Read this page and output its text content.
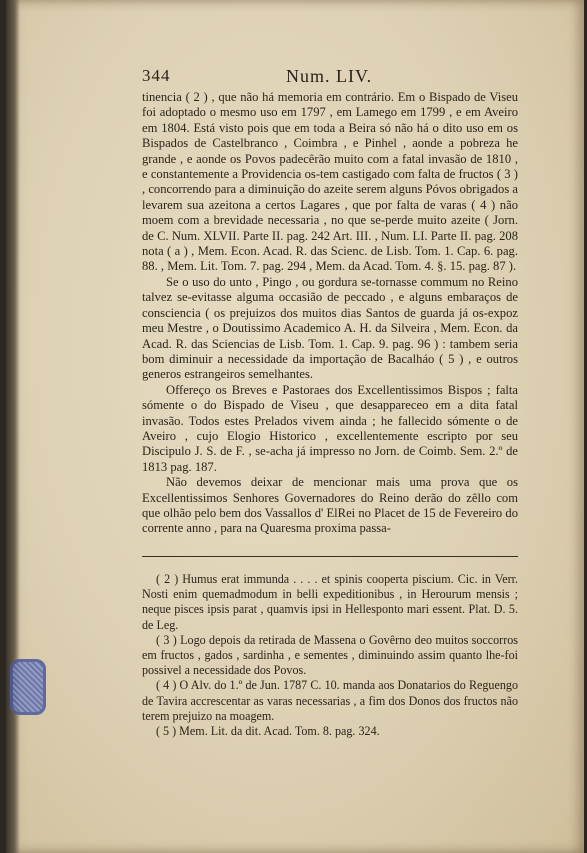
344	Num. LIV.

tinencia ( 2 ) , que não há memoria em contrário. Em o Bispado de Viseu foi adoptado o mesmo uso em 1797 , em Lamego em 1799 , e em Aveiro em 1804. Está visto pois que em toda a Beira só não há o dito uso em os Bispados de Castelbranco , Coimbra , e Pinhel , aonde a pobreza he grande , e aonde os Povos padecêrão muito com a fatal invasão de 1810 , e constantemente a Providencia os-tem castigado com falta de fructos ( 3 ) , concorrendo para a diminuição do azeite serem alguns Póvos obrigados a levarem sua azeitona a certos Lagares , que por falta de varas ( 4 ) não moem com a brevidade necessaria , no que se-perde muito azeite ( Jorn. de C. Num. XLVII. Parte II. pag. 242 Art. III. , Num. LI. Parte II. pag. 208 nota ( a ) , Mem. Econ. Acad. R. das Scienc. de Lisb. Tom. 1. Cap. 6. pag. 88. , Mem. Lit. Tom. 7. pag. 294 , Mem. da Acad. Tom. 4. §. 15. pag. 87 ).

Se o uso do unto , Pingo , ou gordura se-tornasse commum no Reino talvez se-evitasse alguma occasião de peccado , e alguns embaraços de consciencia ( os prejuizos dos muitos dias Santos de guarda já os-expoz meu Mestre , o Doutissimo Academico A. H. da Silveira , Mem. Econ. da Acad. R. das Sciencias de Lisb. Tom. 1. Cap. 9. pag. 96 ) : tambem seria bom diminuir a necessidade da importação de Bacalháo ( 5 ) , e outros generos estrangeiros semelhantes.

Offereço os Breves e Pastoraes dos Excellentissimos Bispos ; falta sómente o do Bispado de Viseu , que desappareceo em a dita fatal invasão. Todos estes Prelados vivem ainda ; he fallecido sómente o de Aveiro , cujo Elogio Historico , excellentemente escripto por seu Discipulo J. S. de F. , se-acha já impresso no Jorn. de Coimb. Sem. 2.º de 1813 pag. 187.

Não devemos deixar de mencionar mais uma prova que os Excellentissimos Senhores Governadores do Reino derão do zêllo com que olhão pelo bem dos Vassallos d' ElRei no Placet de 15 de Fevereiro do corrente anno , para na Quaresma proxima passa-

( 2 ) Humus erat immunda . . . . et spinis cooperta piscium. Cic. in Verr. Nosti enim quemadmodum in belli expeditionibus , in Herourum mensis ; neque pisces ipsis parat , quamvis ipsi in Hellesponto mari essent. Plat. D. 5. de Leg.

( 3 ) Logo depois da retirada de Massena o Govêrno deo muitos soccorros em fructos , gados , sardinha , e sementes , diminuindo assim quanto lhe-foi possivel a necessidade dos Povos.

( 4 ) O Alv. do 1.º de Jun. 1787 C. 10. manda aos Donatarios do Reguengo de Tavira accrescentar as varas necessarias , a fim dos Donos dos fructos não terem prejuizo na moagem.

( 5 ) Mem. Lit. da dit. Acad. Tom. 8. pag. 324.
